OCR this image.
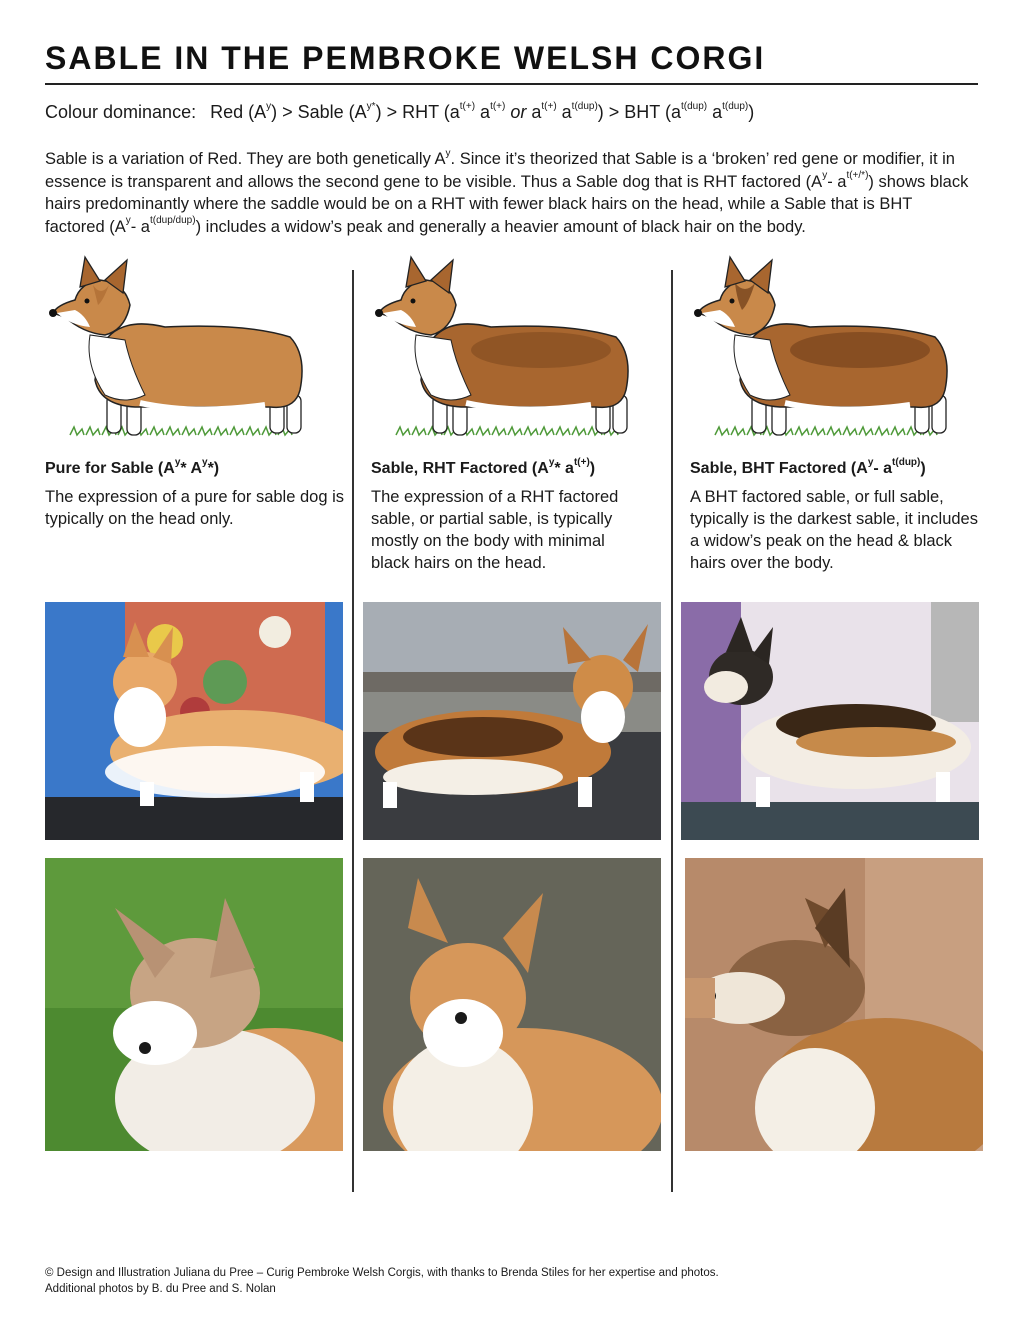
SABLE IN THE PEMBROKE WELSH CORGI
Colour dominance: Red $(A^y)$ > Sable $(A^{y*})$ > RHT ($a^{t(+)}$ $a^{t(+)}$ or $a^{t(+)}$ $a^{t(dup)}$) > BHT ($a^{t(dup)}$ $a^{t(dup)}$)

Sable is a variation of Red. They are both genetically $A^y$. Since it’s theorized that Sable is a ‘broken’ red gene or modifier, it in essence is transparent and allows the second gene to be visible. Thus a Sable dog that is RHT factored ($A^y-$ $a^{t(+/*)}$) shows black hairs predominantly where the saddle would be on a RHT with fewer black hairs on the head, while a Sable that is BHT factored ($A^y-$ $a^{t(dup/dup)}$) includes a widow’s peak and generally a heavier amount of black hair on the body.

Pure for Sable ($A^y*$ $A^y*$)

The expression of a pure for sable dog is typically on the head only.

Sable, RHT Factored ($A^y*$ $a^{t(+)}$)

The expression of a RHT factored sable, or partial sable, is typically mostly on the body with minimal black hairs on the head.

Sable, BHT Factored ($A^y-$ $a^{t(dup)}$)

A BHT factored sable, or full sable, typically is the darkest sable, it includes a widow’s peak on the head & black hairs over the body.

© Design and Illustration Juliana du Pree – Curig Pembroke Welsh Corgis, with thanks to Brenda Stiles for her expertise and photos.
Additional photos by B. du Pree and S. Nolan
